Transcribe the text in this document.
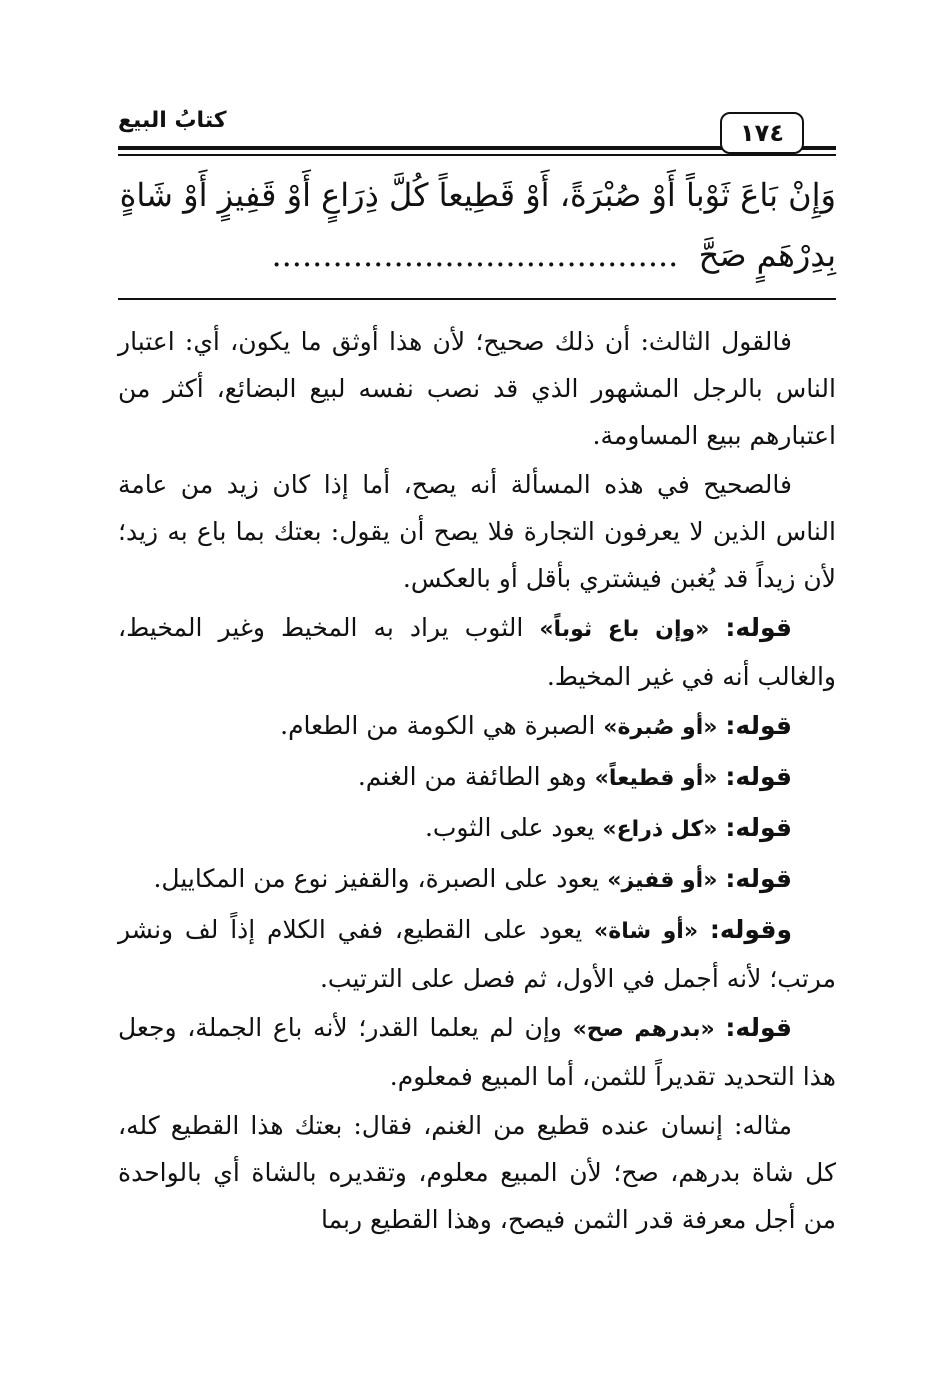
كتابُ البيع	١٧٤
وَإِنْ بَاعَ ثَوْباً أَوْ صُبْرَةً، أَوْ قَطِيعاً كُلَّ ذِرَاعٍ أَوْ قَفِيزٍ أَوْ شَاةٍ
بِدِرْهَمٍ صَحَّ  ........................................

فالقول الثالث: أن ذلك صحيح؛ لأن هذا أوثق ما يكون، أي: اعتبار الناس بالرجل المشهور الذي قد نصب نفسه لبيع البضائع، أكثر من اعتبارهم ببيع المساومة.

فالصحيح في هذه المسألة أنه يصح، أما إذا كان زيد من عامة الناس الذين لا يعرفون التجارة فلا يصح أن يقول: بعتك بما باع به زيد؛ لأن زيداً قد يُغبن فيشتري بأقل أو بالعكس.

قوله: «وإن باع ثوباً» الثوب يراد به المخيط وغير المخيط، والغالب أنه في غير المخيط.

قوله: «أو صُبرة» الصبرة هي الكومة من الطعام.

قوله: «أو قطيعاً» وهو الطائفة من الغنم.

قوله: «كل ذراع» يعود على الثوب.

قوله: «أو قفيز» يعود على الصبرة، والقفيز نوع من المكاييل.

وقوله: «أو شاة» يعود على القطيع، ففي الكلام إذاً لف ونشر مرتب؛ لأنه أجمل في الأول، ثم فصل على الترتيب.

قوله: «بدرهم صح» وإن لم يعلما القدر؛ لأنه باع الجملة، وجعل هذا التحديد تقديراً للثمن، أما المبيع فمعلوم.

مثاله: إنسان عنده قطيع من الغنم، فقال: بعتك هذا القطيع كله، كل شاة بدرهم، صح؛ لأن المبيع معلوم، وتقديره بالشاة أي بالواحدة من أجل معرفة قدر الثمن فيصح، وهذا القطيع ربما
